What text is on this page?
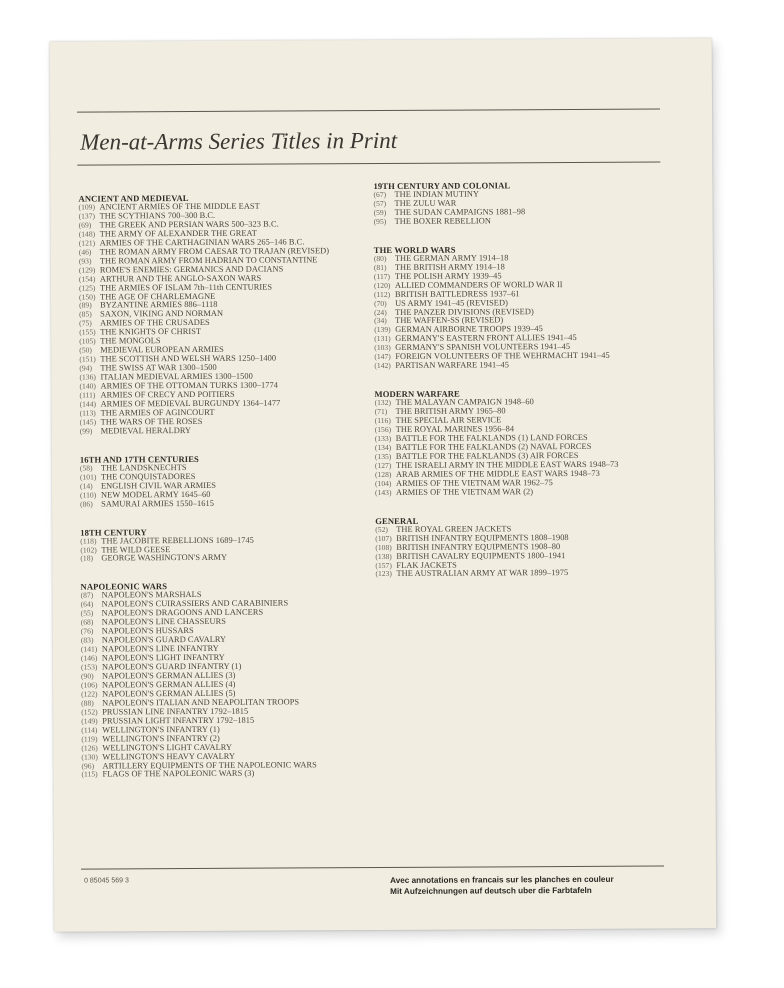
Men-at-Arms Series Titles in Print
ANCIENT AND MEDIEVAL
(109) ANCIENT ARMIES OF THE MIDDLE EAST
(137) THE SCYTHIANS 700–300 B.C.
(69) THE GREEK AND PERSIAN WARS 500–323 B.C.
(148) THE ARMY OF ALEXANDER THE GREAT
(121) ARMIES OF THE CARTHAGINIAN WARS 265–146 B.C.
(46) THE ROMAN ARMY FROM CAESAR TO TRAJAN (REVISED)
(93) THE ROMAN ARMY FROM HADRIAN TO CONSTANTINE
(129) ROME'S ENEMIES: GERMANICS AND DACIANS
(154) ARTHUR AND THE ANGLO-SAXON WARS
(125) THE ARMIES OF ISLAM 7th–11th CENTURIES
(150) THE AGE OF CHARLEMAGNE
(89) BYZANTINE ARMIES 886–1118
(85) SAXON, VIKING AND NORMAN
(75) ARMIES OF THE CRUSADES
(155) THE KNIGHTS OF CHRIST
(105) THE MONGOLS
(50) MEDIEVAL EUROPEAN ARMIES
(151) THE SCOTTISH AND WELSH WARS 1250–1400
(94) THE SWISS AT WAR 1300–1500
(136) ITALIAN MEDIEVAL ARMIES 1300–1500
(140) ARMIES OF THE OTTOMAN TURKS 1300–1774
(111) ARMIES OF CRECY AND POITIERS
(144) ARMIES OF MEDIEVAL BURGUNDY 1364–1477
(113) THE ARMIES OF AGINCOURT
(145) THE WARS OF THE ROSES
(99) MEDIEVAL HERALDRY
16TH AND 17TH CENTURIES
(58) THE LANDSKNECHTS
(101) THE CONQUISTADORES
(14) ENGLISH CIVIL WAR ARMIES
(110) NEW MODEL ARMY 1645–60
(86) SAMURAI ARMIES 1550–1615
18TH CENTURY
(118) THE JACOBITE REBELLIONS 1689–1745
(102) THE WILD GEESE
(18) GEORGE WASHINGTON'S ARMY
NAPOLEONIC WARS
(87) NAPOLEON'S MARSHALS
(64) NAPOLEON'S CUIRASSIERS AND CARABINIERS
(55) NAPOLEON'S DRAGOONS AND LANCERS
(68) NAPOLEON'S LINE CHASSEURS
(76) NAPOLEON'S HUSSARS
(83) NAPOLEON'S GUARD CAVALRY
(141) NAPOLEON'S LINE INFANTRY
(146) NAPOLEON'S LIGHT INFANTRY
(153) NAPOLEON'S GUARD INFANTRY (1)
(90) NAPOLEON'S GERMAN ALLIES (3)
(106) NAPOLEON'S GERMAN ALLIES (4)
(122) NAPOLEON'S GERMAN ALLIES (5)
(88) NAPOLEON'S ITALIAN AND NEAPOLITAN TROOPS
(152) PRUSSIAN LINE INFANTRY 1792–1815
(149) PRUSSIAN LIGHT INFANTRY 1792–1815
(114) WELLINGTON'S INFANTRY (1)
(119) WELLINGTON'S INFANTRY (2)
(126) WELLINGTON'S LIGHT CAVALRY
(130) WELLINGTON'S HEAVY CAVALRY
(96) ARTILLERY EQUIPMENTS OF THE NAPOLEONIC WARS
(115) FLAGS OF THE NAPOLEONIC WARS (3)
19TH CENTURY AND COLONIAL
(67) THE INDIAN MUTINY
(57) THE ZULU WAR
(59) THE SUDAN CAMPAIGNS 1881–98
(95) THE BOXER REBELLION
THE WORLD WARS
(80) THE GERMAN ARMY 1914–18
(81) THE BRITISH ARMY 1914–18
(117) THE POLISH ARMY 1939–45
(120) ALLIED COMMANDERS OF WORLD WAR II
(112) BRITISH BATTLEDRESS 1937–61
(70) US ARMY 1941–45 (REVISED)
(24) THE PANZER DIVISIONS (REVISED)
(34) THE WAFFEN-SS (REVISED)
(139) GERMAN AIRBORNE TROOPS 1939–45
(131) GERMANY'S EASTERN FRONT ALLIES 1941–45
(103) GERMANY'S SPANISH VOLUNTEERS 1941–45
(147) FOREIGN VOLUNTEERS OF THE WEHRMACHT 1941–45
(142) PARTISAN WARFARE 1941–45
MODERN WARFARE
(132) THE MALAYAN CAMPAIGN 1948–60
(71) THE BRITISH ARMY 1965–80
(116) THE SPECIAL AIR SERVICE
(156) THE ROYAL MARINES 1956–84
(133) BATTLE FOR THE FALKLANDS (1) LAND FORCES
(134) BATTLE FOR THE FALKLANDS (2) NAVAL FORCES
(135) BATTLE FOR THE FALKLANDS (3) AIR FORCES
(127) THE ISRAELI ARMY IN THE MIDDLE EAST WARS 1948–73
(128) ARAB ARMIES OF THE MIDDLE EAST WARS 1948–73
(104) ARMIES OF THE VIETNAM WAR 1962–75
(143) ARMIES OF THE VIETNAM WAR (2)
GENERAL
(52) THE ROYAL GREEN JACKETS
(107) BRITISH INFANTRY EQUIPMENTS 1808–1908
(108) BRITISH INFANTRY EQUIPMENTS 1908–80
(138) BRITISH CAVALRY EQUIPMENTS 1800–1941
(157) FLAK JACKETS
(123) THE AUSTRALIAN ARMY AT WAR 1899–1975
0 85045 569 3	Avec annotations en francais sur les planches en couleur
Mit Aufzeichnungen auf deutsch uber die Farbtafeln
